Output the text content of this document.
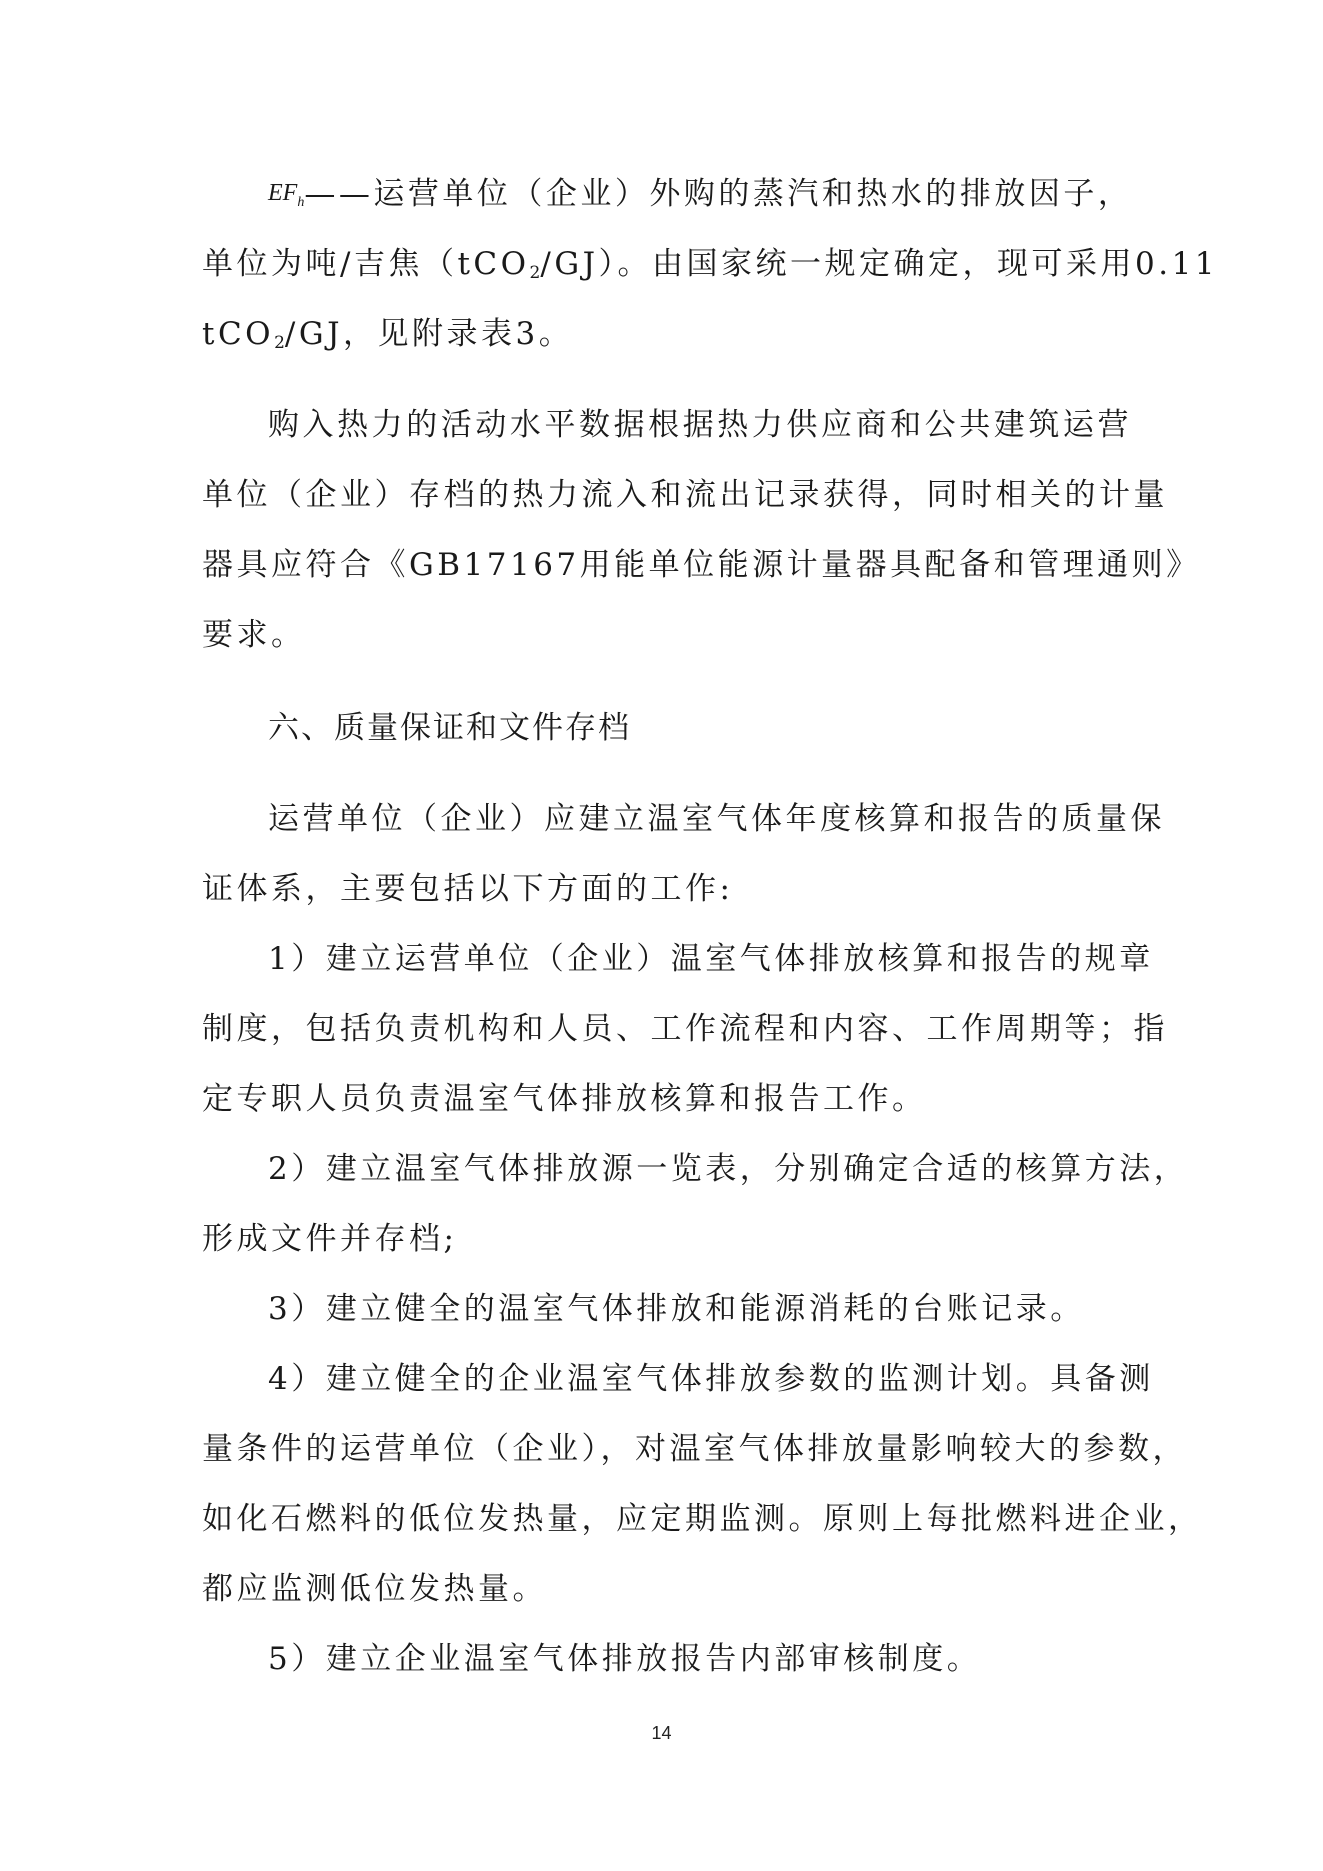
$EF_h——$运营单位（企业）外购的蒸汽和热水的排放因子，
单位为吨/吉焦（tCO$_2$/GJ）。由国家统一规定确定，现可采用0.11
tCO$_2$/GJ，见附录表3。
购入热力的活动水平数据根据热力供应商和公共建筑运营
单位（企业）存档的热力流入和流出记录获得，同时相关的计量
器具应符合《GB17167用能单位能源计量器具配备和管理通则》
要求。
六、质量保证和文件存档
运营单位（企业）应建立温室气体年度核算和报告的质量保
证体系，主要包括以下方面的工作:
1）建立运营单位（企业）温室气体排放核算和报告的规章
制度，包括负责机构和人员、工作流程和内容、工作周期等；指
定专职人员负责温室气体排放核算和报告工作。
2）建立温室气体排放源一览表，分别确定合适的核算方法，
形成文件并存档;
3）建立健全的温室气体排放和能源消耗的台账记录。
4）建立健全的企业温室气体排放参数的监测计划。具备测
量条件的运营单位（企业），对温室气体排放量影响较大的参数，
如化石燃料的低位发热量，应定期监测。原则上每批燃料进企业，
都应监测低位发热量。
5）建立企业温室气体排放报告内部审核制度。
14
